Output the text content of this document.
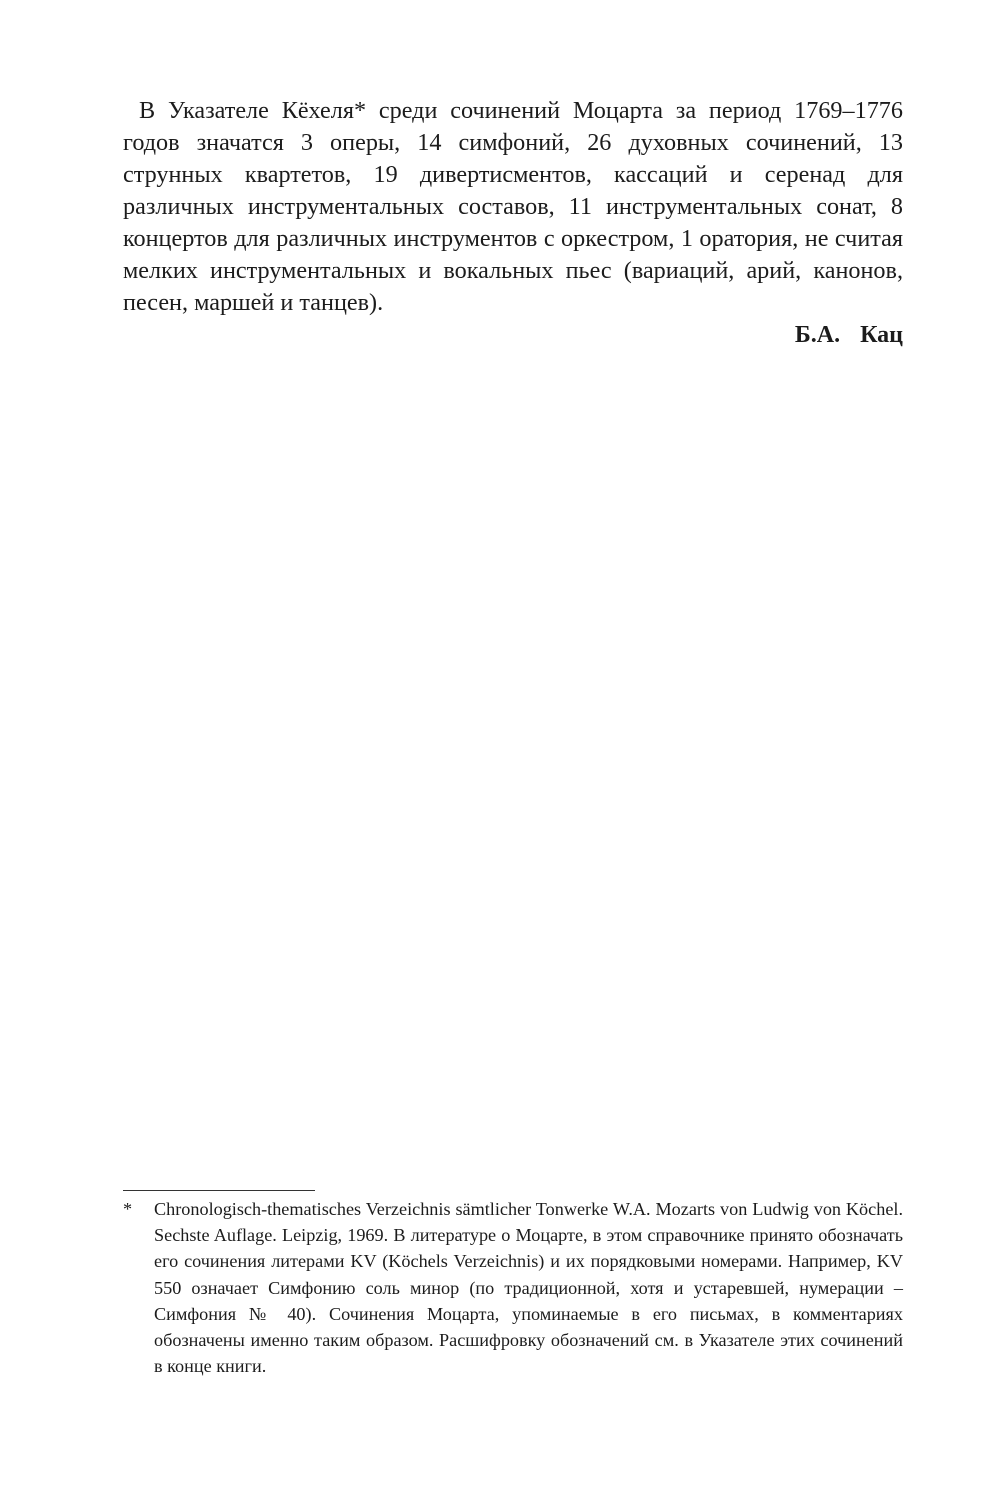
В Указателе Кёхеля* среди сочинений Моцарта за период 1769–1776 годов значатся 3 оперы, 14 симфоний, 26 духовных сочинений, 13 струнных квартетов, 19 дивертисментов, кассаций и серенад для различных инструментальных составов, 11 инструментальных сонат, 8 концертов для различных инструментов с оркестром, 1 оратория, не считая мелких инструментальных и вокальных пьес (вариаций, арий, канонов, песен, маршей и танцев).

Б.А. Кац

* Chronologisch-thematisches Verzeichnis sämtlicher Tonwerke W.A. Mozarts von Ludwig von Köchel. Sechste Auflage. Leipzig, 1969. В литературе о Моцарте, в этом справочнике принято обозначать его сочинения литерами KV (Köchels Verzeichnis) и их порядковыми номерами. Например, KV 550 означает Симфонию соль минор (по традиционной, хотя и устаревшей, нумерации – Симфония № 40). Сочинения Моцарта, упоминаемые в его письмах, в комментариях обозначены именно таким образом. Расшифровку обозначений см. в Указателе этих сочинений в конце книги.
